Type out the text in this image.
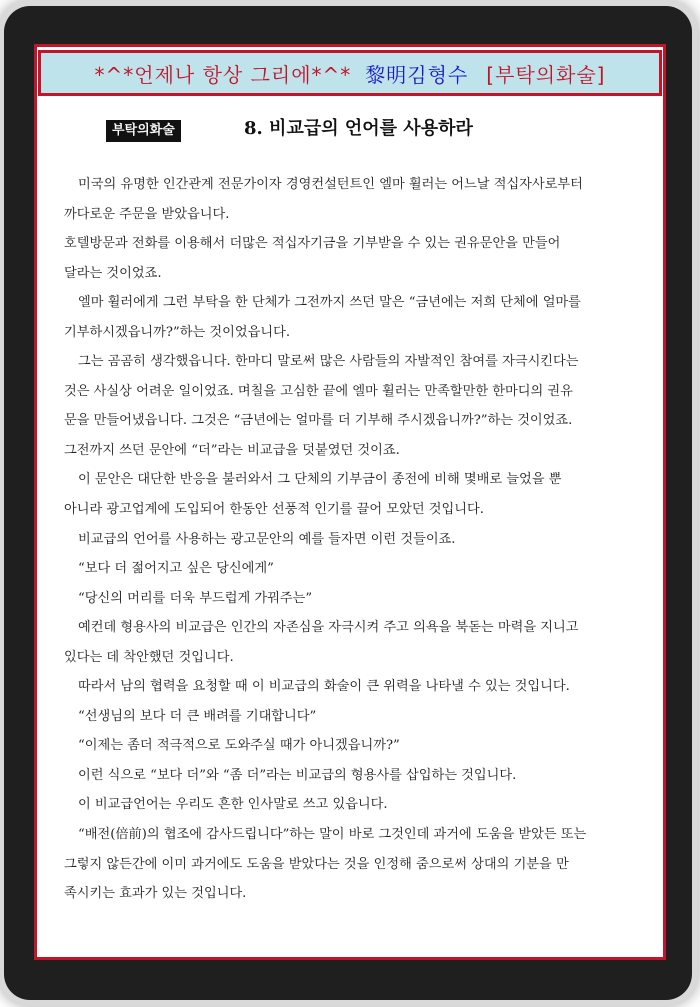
*^*언제나 항상 그리에*^* 黎明김형수 [부탁의화술]
부탁의화술	8. 비교급의 언어를 사용하라
미국의 유명한 인간관계 전문가이자 경영컨설턴트인 엘마 휠러는 어느날 적십자사로부터
까다로운 주문을 받았읍니다.
호텔방문과 전화를 이용해서 더많은 적십자기금을 기부받을 수 있는 권유문안을 만들어
달라는 것이었죠.
엘마 휠러에게 그런 부탁을 한 단체가 그전까지 쓰던 말은 “금년에는 저희 단체에 얼마를
기부하시겠읍니까?”하는 것이었읍니다.
그는 곰곰히 생각했읍니다. 한마디 말로써 많은 사람들의 자발적인 참여를 자극시킨다는
것은 사실상 어려운 일이었죠. 며칠을 고심한 끝에 엘마 휠러는 만족할만한 한마디의 권유
문을 만들어냈읍니다. 그것은 “금년에는 얼마를 더 기부해 주시겠읍니까?”하는 것이었죠.
그전까지 쓰던 문안에 “더”라는 비교급을 덧붙였던 것이죠.
이 문안은 대단한 반응을 불러와서 그 단체의 기부금이 종전에 비해 몇배로 늘었을 뿐
아니라 광고업계에 도입되어 한동안 선풍적 인기를 끌어 모았던 것입니다.
비교급의 언어를 사용하는 광고문안의 예를 들자면 이런 것들이죠.
“보다 더 젊어지고 싶은 당신에게”
“당신의 머리를 더욱 부드럽게 가꿔주는”
예컨데 형용사의 비교급은 인간의 자존심을 자극시켜 주고 의욕을 북돋는 마력을 지니고
있다는 데 착안했던 것입니다.
따라서 남의 협력을 요청할 때 이 비교급의 화술이 큰 위력을 나타낼 수 있는 것입니다.
“선생님의 보다 더 큰 배려를 기대합니다”
“이제는 좀더 적극적으로 도와주실 때가 아니겠읍니까?”
이런 식으로 “보다 더”와 “좀 더”라는 비교급의 형용사를 삽입하는 것입니다.
이 비교급언어는 우리도 흔한 인사말로 쓰고 있읍니다.
“배전(倍前)의 협조에 감사드립니다”하는 말이 바로 그것인데 과거에 도움을 받았든 또는
그렇지 않든간에 이미 과거에도 도움을 받았다는 것을 인정해 줌으로써 상대의 기분을 만
족시키는 효과가 있는 것입니다.
